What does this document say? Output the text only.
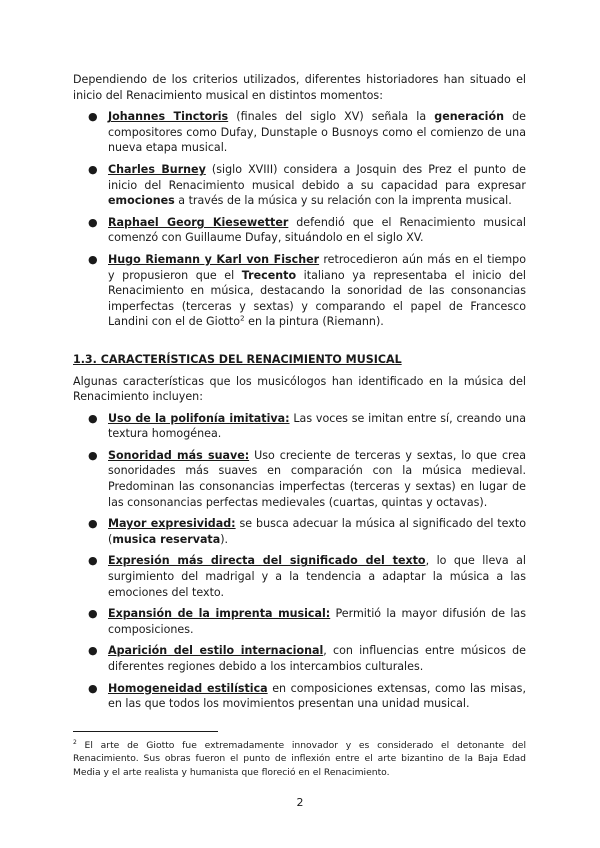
Dependiendo de los criterios utilizados, diferentes historiadores han situado el inicio del Renacimiento musical en distintos momentos:

● Johannes Tinctoris (finales del siglo XV) señala la generación de compositores como Dufay, Dunstaple o Busnoys como el comienzo de una nueva etapa musical.
● Charles Burney (siglo XVIII) considera a Josquin des Prez el punto de inicio del Renacimiento musical debido a su capacidad para expresar emociones a través de la música y su relación con la imprenta musical.
● Raphael Georg Kiesewetter defendió que el Renacimiento musical comenzó con Guillaume Dufay, situándolo en el siglo XV.
● Hugo Riemann y Karl von Fischer retrocedieron aún más en el tiempo y propusieron que el Trecento italiano ya representaba el inicio del Renacimiento en música, destacando la sonoridad de las consonancias imperfectas (terceras y sextas) y comparando el papel de Francesco Landini con el de Giotto$^2$ en la pintura (Riemann).
1.3. CARACTERÍSTICAS DEL RENACIMIENTO MUSICAL

Algunas características que los musicólogos han identificado en la música del Renacimiento incluyen:

● Uso de la polifonía imitativa: Las voces se imitan entre sí, creando una textura homogénea.
● Sonoridad más suave: Uso creciente de terceras y sextas, lo que crea sonoridades más suaves en comparación con la música medieval. Predominan las consonancias imperfectas (terceras y sextas) en lugar de las consonancias perfectas medievales (cuartas, quintas y octavas).
● Mayor expresividad: se busca adecuar la música al significado del texto (musica reservata).
● Expresión más directa del significado del texto, lo que lleva al surgimiento del madrigal y a la tendencia a adaptar la música a las emociones del texto.
● Expansión de la imprenta musical: Permitió la mayor difusión de las composiciones.
● Aparición del estilo internacional, con influencias entre músicos de diferentes regiones debido a los intercambios culturales.
● Homogeneidad estilística en composiciones extensas, como las misas, en las que todos los movimientos presentan una unidad musical.
$^2$ El arte de Giotto fue extremadamente innovador y es considerado el detonante del Renacimiento. Sus obras fueron el punto de inflexión entre el arte bizantino de la Baja Edad Media y el arte realista y humanista que floreció en el Renacimiento.
2
